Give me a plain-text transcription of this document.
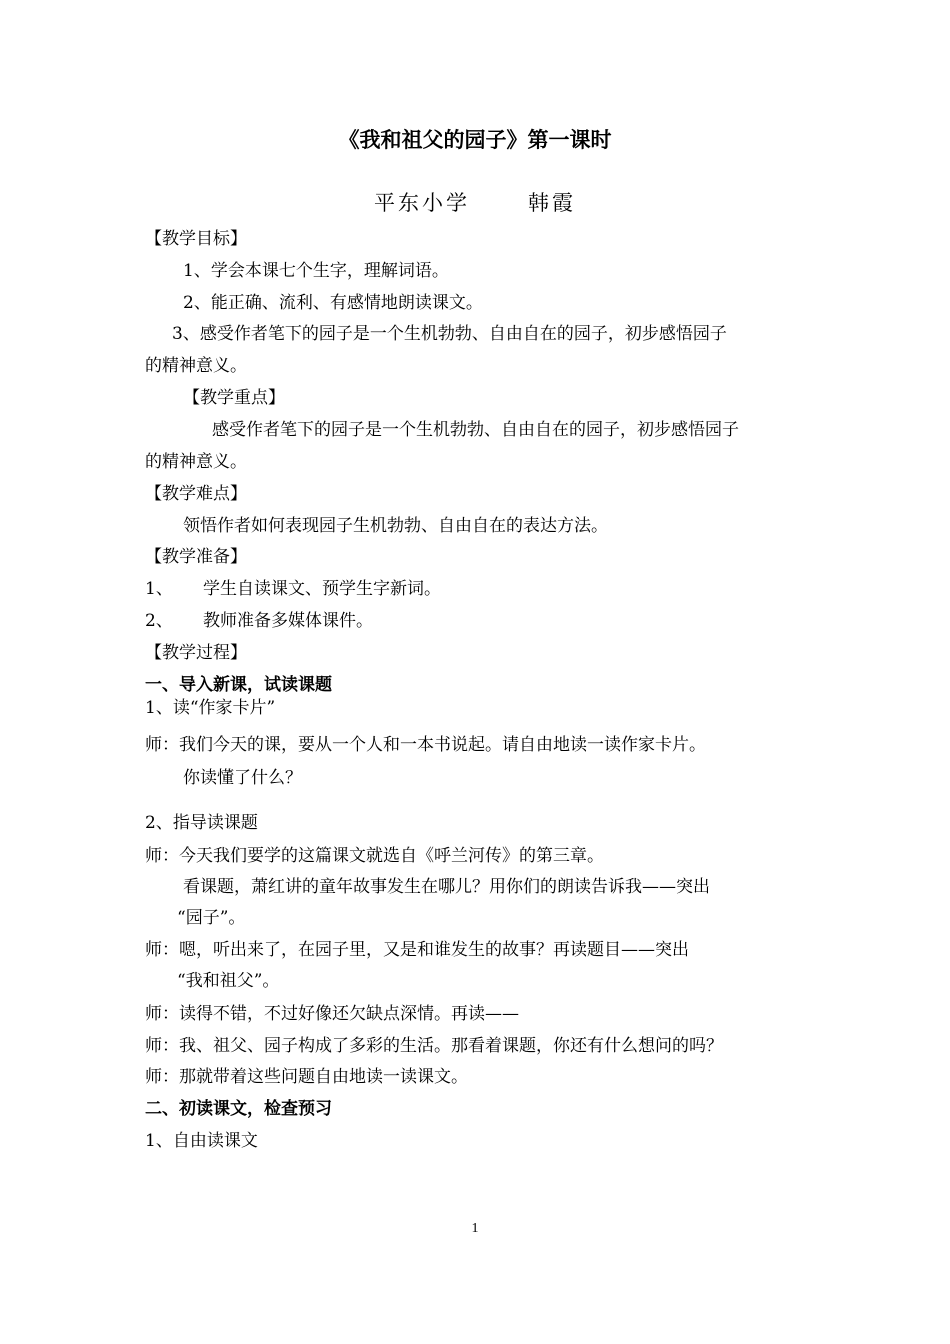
《我和祖父的园子》第一课时
平东小学      韩霞
【教学目标】
1、学会本课七个生字，理解词语。
2、能正确、流利、有感情地朗读课文。
3、感受作者笔下的园子是一个生机勃勃、自由自在的园子，初步感悟园子
的精神意义。
【教学重点】
感受作者笔下的园子是一个生机勃勃、自由自在的园子，初步感悟园子
的精神意义。
【教学难点】
领悟作者如何表现园子生机勃勃、自由自在的表达方法。
【教学准备】
1、 学生自读课文、预学生字新词。
2、 教师准备多媒体课件。
【教学过程】
一、导入新课，试读课题
1、读“作家卡片”
师：我们今天的课，要从一个人和一本书说起。请自由地读一读作家卡片。
你读懂了什么？
2、指导读课题
师：今天我们要学的这篇课文就选自《呼兰河传》的第三章。
看课题，萧红讲的童年故事发生在哪儿？用你们的朗读告诉我——突出
“园子”。
师：嗯，听出来了，在园子里，又是和谁发生的故事？再读题目——突出
“我和祖父”。
师：读得不错，不过好像还欠缺点深情。再读——
师：我、祖父、园子构成了多彩的生活。那看着课题，你还有什么想问的吗？
师：那就带着这些问题自由地读一读课文。
二、初读课文，检查预习
1、自由读课文
1
